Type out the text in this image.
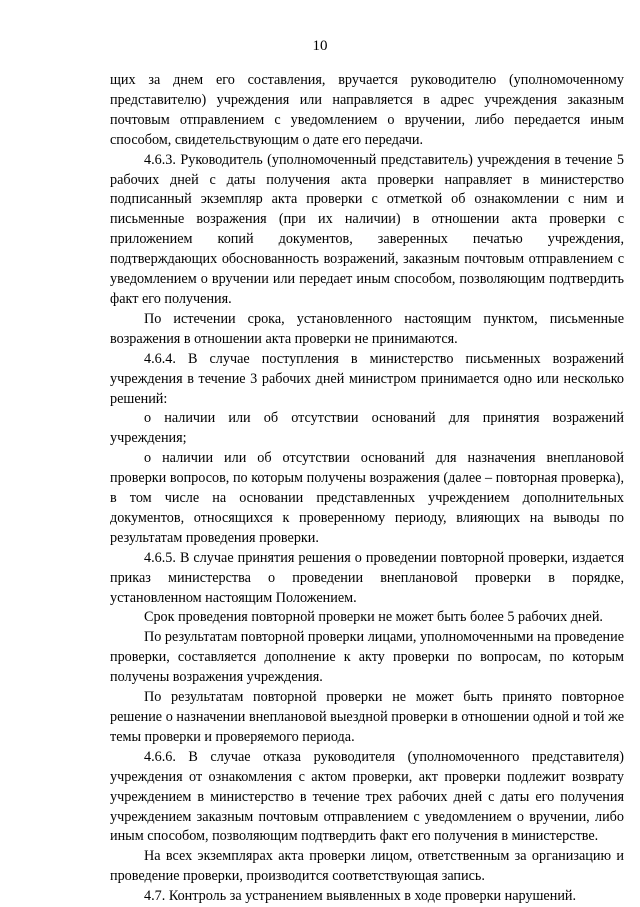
10

щих за днем его составления, вручается руководителю (уполномоченному представителю) учреждения или направляется в адрес учреждения заказным почтовым отправлением с уведомлением о вручении, либо передается иным способом, свидетельствующим о дате его передачи.

4.6.3. Руководитель (уполномоченный представитель) учреждения в течение 5 рабочих дней с даты получения акта проверки направляет в министерство подписанный экземпляр акта проверки с отметкой об ознакомлении с ним и письменные возражения (при их наличии) в отношении акта проверки с приложением копий документов, заверенных печатью учреждения, подтверждающих обоснованность возражений, заказным почтовым отправлением с уведомлением о вручении или передает иным способом, позволяющим подтвердить факт его получения.

По истечении срока, установленного настоящим пунктом, письменные возражения в отношении акта проверки не принимаются.

4.6.4. В случае поступления в министерство письменных возражений учреждения в течение 3 рабочих дней министром принимается одно или несколько решений:

о наличии или об отсутствии оснований для принятия возражений учреждения;

о наличии или об отсутствии оснований для назначения внеплановой проверки вопросов, по которым получены возражения (далее – повторная проверка), в том числе на основании представленных учреждением дополнительных документов, относящихся к проверенному периоду, влияющих на выводы по результатам проведения проверки.

4.6.5. В случае принятия решения о проведении повторной проверки, издается приказ министерства о проведении внеплановой проверки в порядке, установленном настоящим Положением.

Срок проведения повторной проверки не может быть более 5 рабочих дней.

По результатам повторной проверки лицами, уполномоченными на проведение проверки, составляется дополнение к акту проверки по вопросам, по которым получены возражения учреждения.

По результатам повторной проверки не может быть принято повторное решение о назначении внеплановой выездной проверки в отношении одной и той же темы проверки и проверяемого периода.

4.6.6. В случае отказа руководителя (уполномоченного представителя) учреждения от ознакомления с актом проверки, акт проверки подлежит возврату учреждением в министерство в течение трех рабочих дней с даты его получения учреждением заказным почтовым отправлением с уведомлением о вручении, либо иным способом, позволяющим подтвердить факт его получения в министерстве.

На всех экземплярах акта проверки лицом, ответственным за организацию и проведение проверки, производится соответствующая запись.

4.7. Контроль за устранением выявленных в ходе проверки нарушений.
